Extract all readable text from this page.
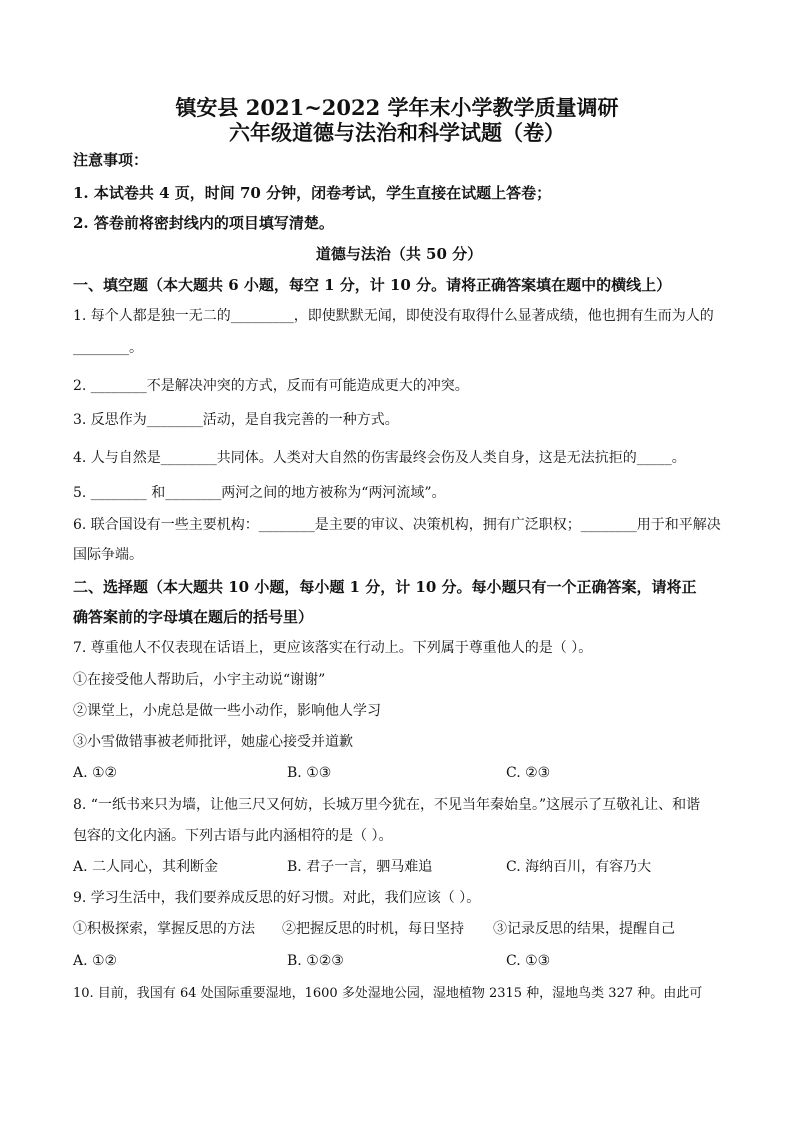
镇安县 2021~2022 学年末小学教学质量调研
六年级道德与法治和科学试题（卷）
注意事项：
1. 本试卷共 4 页，时间 70 分钟，闭卷考试，学生直接在试题上答卷；
2. 答卷前将密封线内的项目填写清楚。
道德与法治（共 50 分）
一、填空题（本大题共 6 小题，每空 1 分，计 10 分。请将正确答案填在题中的横线上）
1. 每个人都是独一无二的_________，即使默默无闻，即使没有取得什么显著成绩，他也拥有生而为人的
________。
2. ________不是解决冲突的方式，反而有可能造成更大的冲突。
3. 反思作为________活动，是自我完善的一种方式。
4. 人与自然是________共同体。人类对大自然的伤害最终会伤及人类自身，这是无法抗拒的_____。
5. ________ 和________两河之间的地方被称为“两河流域”。
6. 联合国设有一些主要机构：________是主要的审议、决策机构，拥有广泛职权；________用于和平解决
国际争端。
二、选择题（本大题共 10 小题，每小题 1 分，计 10 分。每小题只有一个正确答案，请将正
确答案前的字母填在题后的括号里）
7. 尊重他人不仅表现在话语上，更应该落实在行动上。下列属于尊重他人的是（ ）。
①在接受他人帮助后，小宇主动说“谢谢”
②课堂上，小虎总是做一些小动作，影响他人学习
③小雪做错事被老师批评，她虚心接受并道歉
A. ①②	B. ①③	C. ②③
8. “一纸书来只为墙，让他三尺又何妨，长城万里今犹在，不见当年秦始皇。”这展示了互敬礼让、和谐
包容的文化内涵。下列古语与此内涵相符的是（ ）。
A. 二人同心，其利断金	B. 君子一言，驷马难追	C. 海纳百川，有容乃大
9. 学习生活中，我们要养成反思的好习惯。对此，我们应该（ ）。
①积极探索，掌握反思的方法 ②把握反思的时机，每日坚持 ③记录反思的结果，提醒自己
A. ①②	B. ①②③	C. ①③
10. 目前，我国有 64 处国际重要湿地，1600 多处湿地公园，湿地植物 2315 种，湿地鸟类 327 种。由此可
